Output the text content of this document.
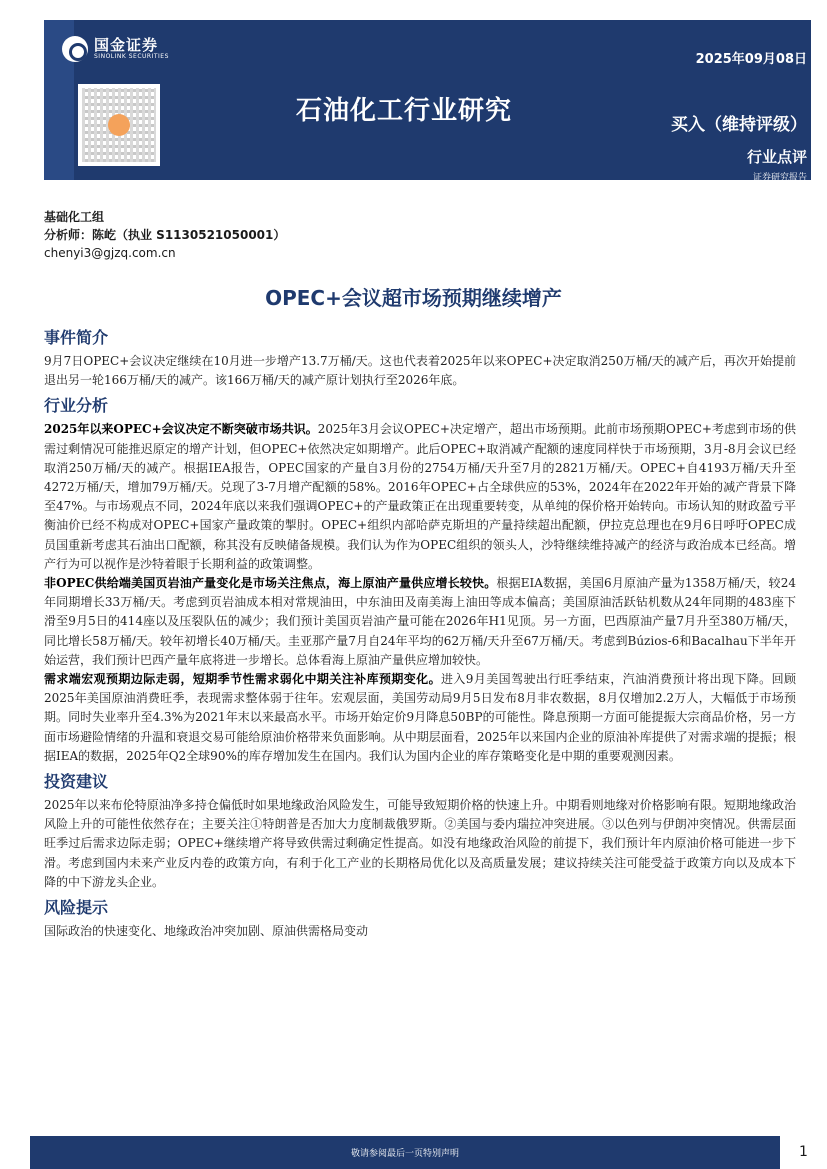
国金证券
SINOLINK SECURITIES
石油化工行业研究
2025年09月08日
买入（维持评级）
行业点评
证券研究报告
基础化工组
分析师：陈屹（执业 S1130521050001）
chenyi3@gjzq.com.cn
OPEC+会议超市场预期继续增产
事件简介

9月7日OPEC+会议决定继续在10月进一步增产13.7万桶/天。这也代表着2025年以来OPEC+决定取消250万桶/天的减产后，再次开始提前退出另一轮166万桶/天的减产。该166万桶/天的减产原计划执行至2026年底。

行业分析

2025年以来OPEC+会议决定不断突破市场共识。2025年3月会议OPEC+决定增产，超出市场预期。此前市场预期OPEC+考虑到市场的供需过剩情况可能推迟原定的增产计划，但OPEC+依然决定如期增产。此后OPEC+取消减产配额的速度同样快于市场预期，3月-8月会议已经取消250万桶/天的减产。根据IEA报告，OPEC国家的产量自3月份的2754万桶/天升至7月的2821万桶/天。OPEC+自4193万桶/天升至4272万桶/天，增加79万桶/天。兑现了3-7月增产配额的58%。2016年OPEC+占全球供应的53%，2024年在2022年开始的减产背景下降至47%。与市场观点不同，2024年底以来我们强调OPEC+的产量政策正在出现重要转变，从单纯的保价格开始转向。市场认知的财政盈亏平衡油价已经不构成对OPEC+国家产量政策的掣肘。OPEC+组织内部哈萨克斯坦的产量持续超出配额，伊拉克总理也在9月6日呼吁OPEC成员国重新考虑其石油出口配额，称其没有反映储备规模。我们认为作为OPEC组织的领头人，沙特继续维持减产的经济与政治成本已经高。增产行为可以视作是沙特着眼于长期利益的政策调整。

非OPEC供给端美国页岩油产量变化是市场关注焦点，海上原油产量供应增长较快。根据EIA数据，美国6月原油产量为1358万桶/天，较24年同期增长33万桶/天。考虑到页岩油成本相对常规油田，中东油田及南美海上油田等成本偏高；美国原油活跃钻机数从24年同期的483座下滑至9月5日的414座以及压裂队伍的减少；我们预计美国页岩油产量可能在2026年H1见顶。另一方面，巴西原油产量7月升至380万桶/天，同比增长58万桶/天。较年初增长40万桶/天。圭亚那产量7月自24年平均的62万桶/天升至67万桶/天。考虑到Búzios-6和Bacalhau下半年开始运营，我们预计巴西产量年底将进一步增长。总体看海上原油产量供应增加较快。

需求端宏观预期边际走弱，短期季节性需求弱化中期关注补库预期变化。进入9月美国驾驶出行旺季结束，汽油消费预计将出现下降。回顾2025年美国原油消费旺季，表现需求整体弱于往年。宏观层面，美国劳动局9月5日发布8月非农数据，8月仅增加2.2万人，大幅低于市场预期。同时失业率升至4.3%为2021年末以来最高水平。市场开始定价9月降息50BP的可能性。降息预期一方面可能提振大宗商品价格，另一方面市场避险情绪的升温和衰退交易可能给原油价格带来负面影响。从中期层面看，2025年以来国内企业的原油补库提供了对需求端的提振；根据IEA的数据，2025年Q2全球90%的库存增加发生在国内。我们认为国内企业的库存策略变化是中期的重要观测因素。

投资建议

2025年以来布伦特原油净多持仓偏低时如果地缘政治风险发生，可能导致短期价格的快速上升。中期看则地缘对价格影响有限。短期地缘政治风险上升的可能性依然存在；主要关注①特朗普是否加大力度制裁俄罗斯。②美国与委内瑞拉冲突进展。③以色列与伊朗冲突情况。供需层面旺季过后需求边际走弱；OPEC+继续增产将导致供需过剩确定性提高。如没有地缘政治风险的前提下，我们预计年内原油价格可能进一步下滑。考虑到国内未来产业反内卷的政策方向，有利于化工产业的长期格局优化以及高质量发展；建议持续关注可能受益于政策方向以及成本下降的中下游龙头企业。

风险提示

国际政治的快速变化、地缘政治冲突加剧、原油供需格局变动

敬请参阅最后一页特别声明	1
